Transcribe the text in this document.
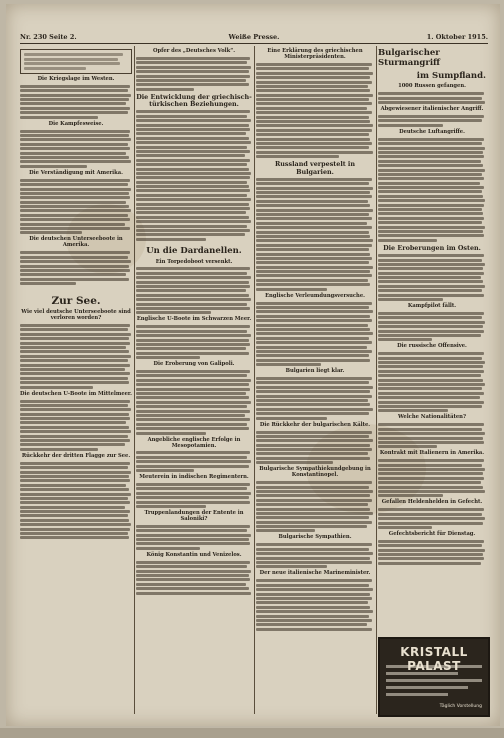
Nr. 230 Seite 2.	Weiße Presse.	1. Oktober 1915.
Die Kriegslage im Westen.
Die Kampfesweise.
Die Verständigung mit Amerika.
Die deutschen Unterseeboote in Amerika.
Zur See.
Wie viel deutsche Unterseeboote sind verloren worden?
Die deutschen U-Boote im Mittelmeer.
Rückkehr der dritten Flagge zur See.
Opfer des „Deutsches Volk“.
Die Entwicklung der griechisch-türkischen Beziehungen.
Un die Dardanellen.
Ein Torpedoboot versenkt.
Englische U-Boote im Schwarzen Meer.
Die Eroberung von Galipoli.
Angebliche englische Erfolge in Mesopotamien.
Meuterein in indischen Regimentern.
Truppenlandungen der Entente in Saloniki?
König Konstantin und Venizelos.
Eine Erklärung des griechischen Ministerpräsidenten.
Russland verpestelt in Bulgarien.
Englische Verleumdungsversuche.
Bulgarien liegt klar.
Die Rückkehr der bulgarischen Kälte.
Bulgarische Sympathiekundgebung in Konstantinopel.
Bulgarische Sympathien.
Der neue italienische Marineminister.
Bulgarischer Sturmangriff
im Sumpfland.
1000 Russen gefangen.
Abgewiesener italienischer Angriff.
Deutsche Luftangriffe.
Die Eroberungen im Osten.
Kampfpilot fällt.
Die russische Offensive.
Welche Nationalitäten?
Kontrakt mit Italienern in Amerika.
Gefallen Heldenhelden in Gefecht.
Gefechtsbericht für Dienstag.
KRISTALL
Täglich Vorstellung
